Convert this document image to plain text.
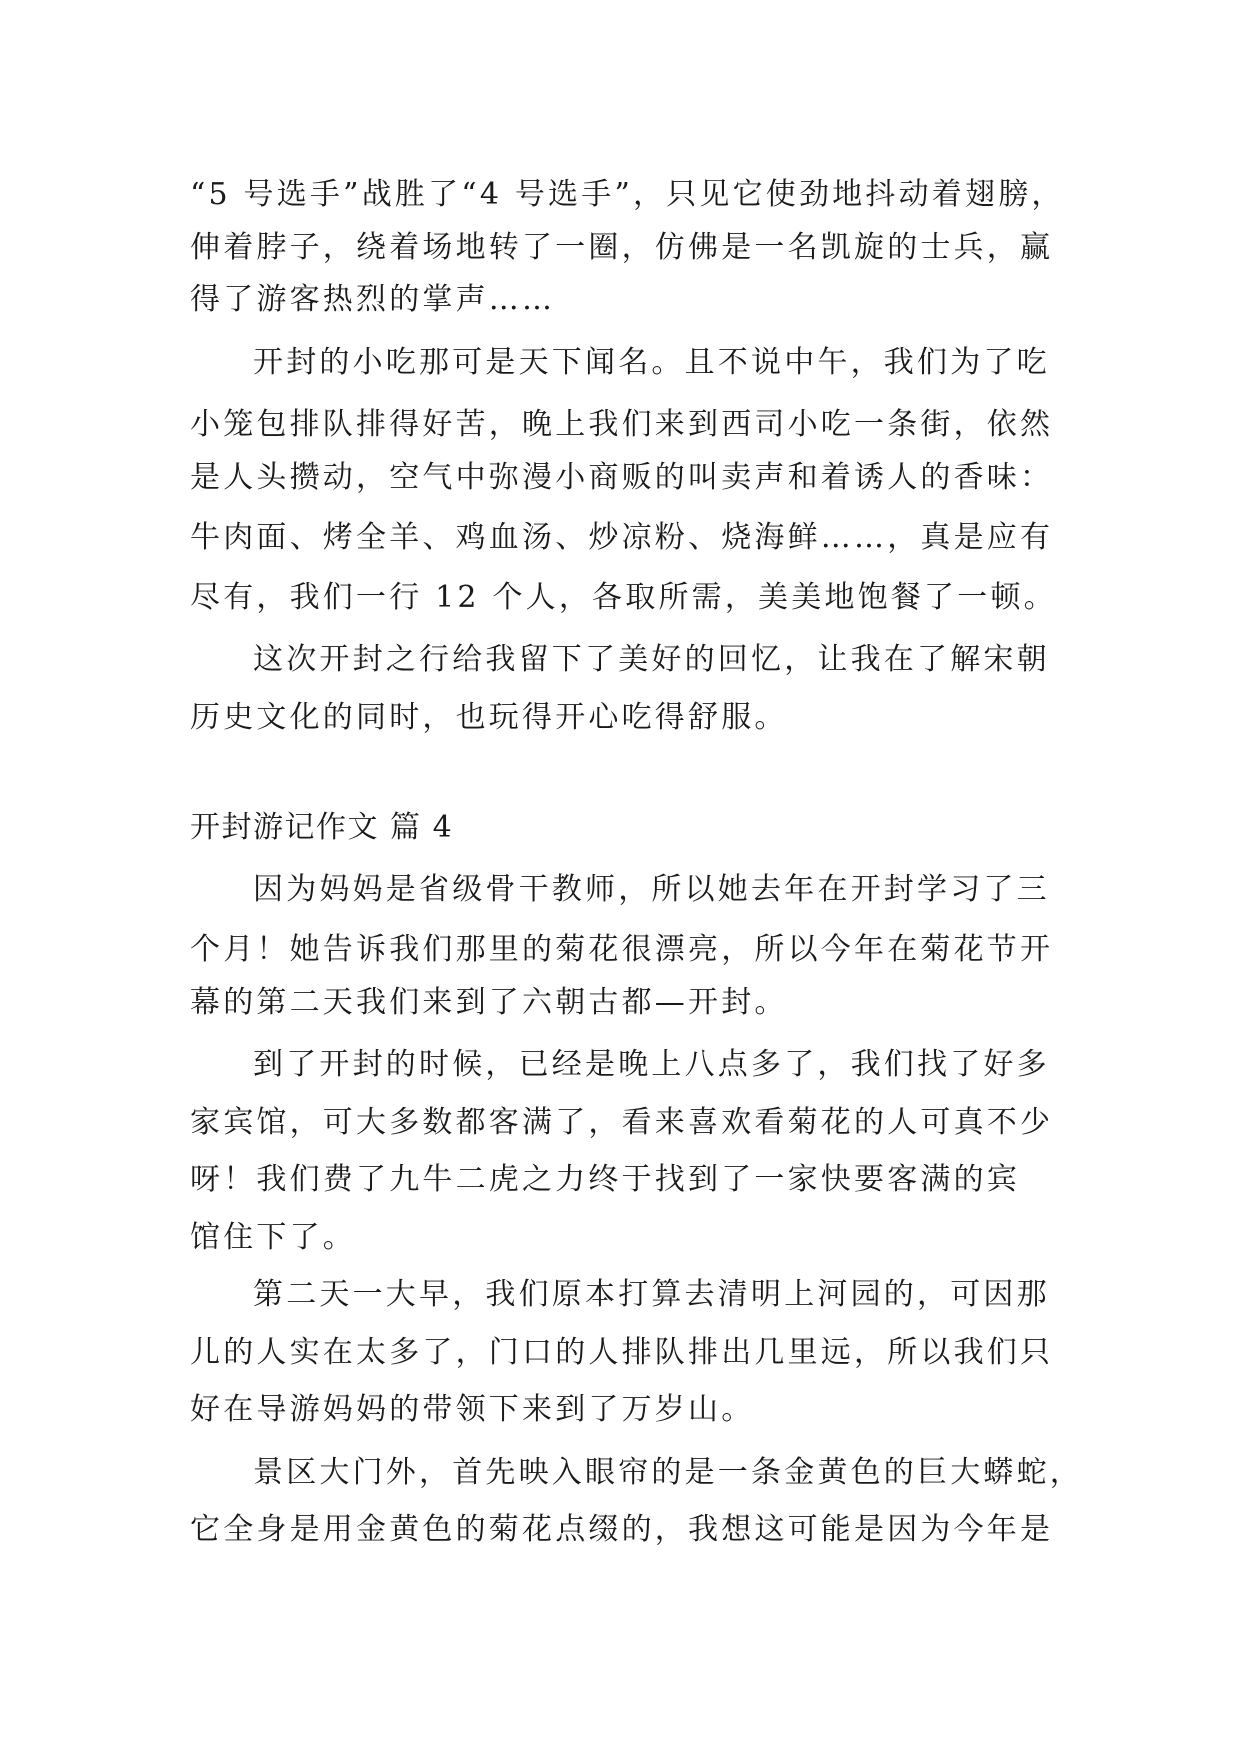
“5 号选手”战胜了“4 号选手”，只见它使劲地抖动着翅膀，
伸着脖子，绕着场地转了一圈，仿佛是一名凯旋的士兵，赢
得了游客热烈的掌声……
开封的小吃那可是天下闻名。且不说中午，我们为了吃
小笼包排队排得好苦，晚上我们来到西司小吃一条街，依然
是人头攒动，空气中弥漫小商贩的叫卖声和着诱人的香味：
牛肉面、烤全羊、鸡血汤、炒凉粉、烧海鲜……，真是应有
尽有，我们一行 12 个人，各取所需，美美地饱餐了一顿。
这次开封之行给我留下了美好的回忆，让我在了解宋朝
历史文化的同时，也玩得开心吃得舒服。
开封游记作文 篇 4
因为妈妈是省级骨干教师，所以她去年在开封学习了三
个月！她告诉我们那里的菊花很漂亮，所以今年在菊花节开
幕的第二天我们来到了六朝古都—开封。
到了开封的时候，已经是晚上八点多了，我们找了好多
家宾馆，可大多数都客满了，看来喜欢看菊花的人可真不少
呀！我们费了九牛二虎之力终于找到了一家快要客满的宾
馆住下了。
第二天一大早，我们原本打算去清明上河园的，可因那
儿的人实在太多了，门口的人排队排出几里远，所以我们只
好在导游妈妈的带领下来到了万岁山。
景区大门外，首先映入眼帘的是一条金黄色的巨大蟒蛇，
它全身是用金黄色的菊花点缀的，我想这可能是因为今年是
